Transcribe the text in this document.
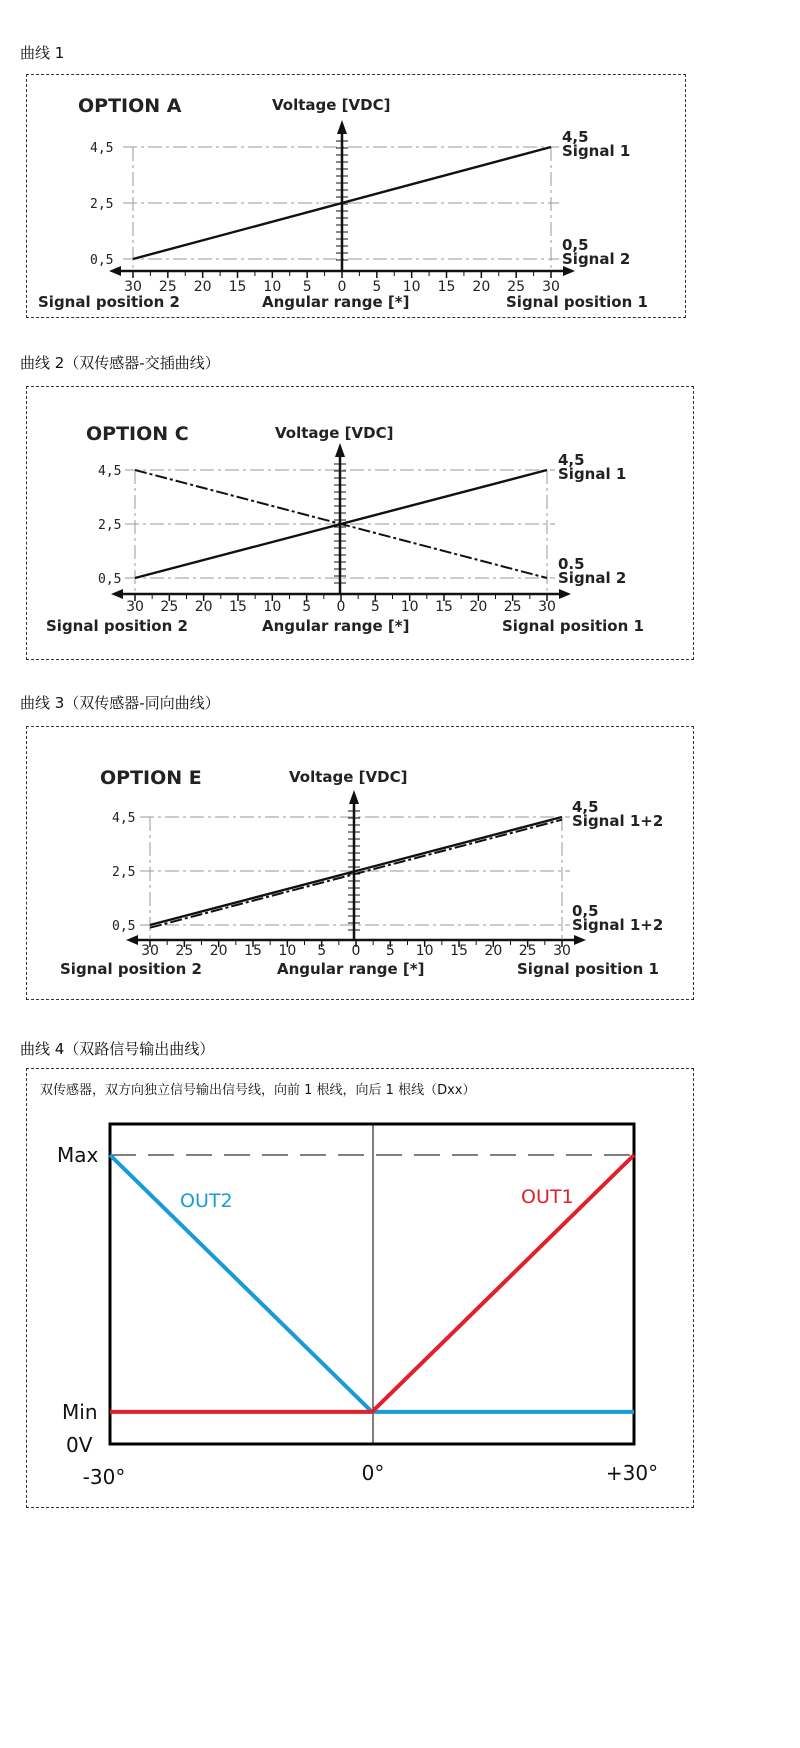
曲线 1
曲线 2（双传感器-交插曲线）
曲线 3（双传感器-同向曲线）
曲线 4（双路信号输出曲线）
OPTION A	Voltage [VDC]
Angular range [*]
Signal position 2	Signal position 1
4,5
2,5
0,5
30 25 20 15 10 5 0 5 10 15 20 25 30
4,5
Signal 1
0,5
Signal 2
OPTION C	Voltage [VDC]
Angular range [*]
Signal position 2	Signal position 1
4,5
2,5
0,5
30 25 20 15 10 5 0 5 10 15 20 25 30
4,5
Signal 1
0.5
Signal 2
OPTION E	Voltage [VDC]
Angular range [*]
Signal position 2	Signal position 1
4,5
2,5
0,5
30 25 20 15 10 5 0 5 10 15 20 25 30
4,5
Signal 1+2
0,5
Signal 1+2
双传感器，双方向独立信号输出信号线，向前 1 根线，向后 1 根线（Dxx）
Max
Min
0V
-30°	0°	+30°
OUT2	OUT1
